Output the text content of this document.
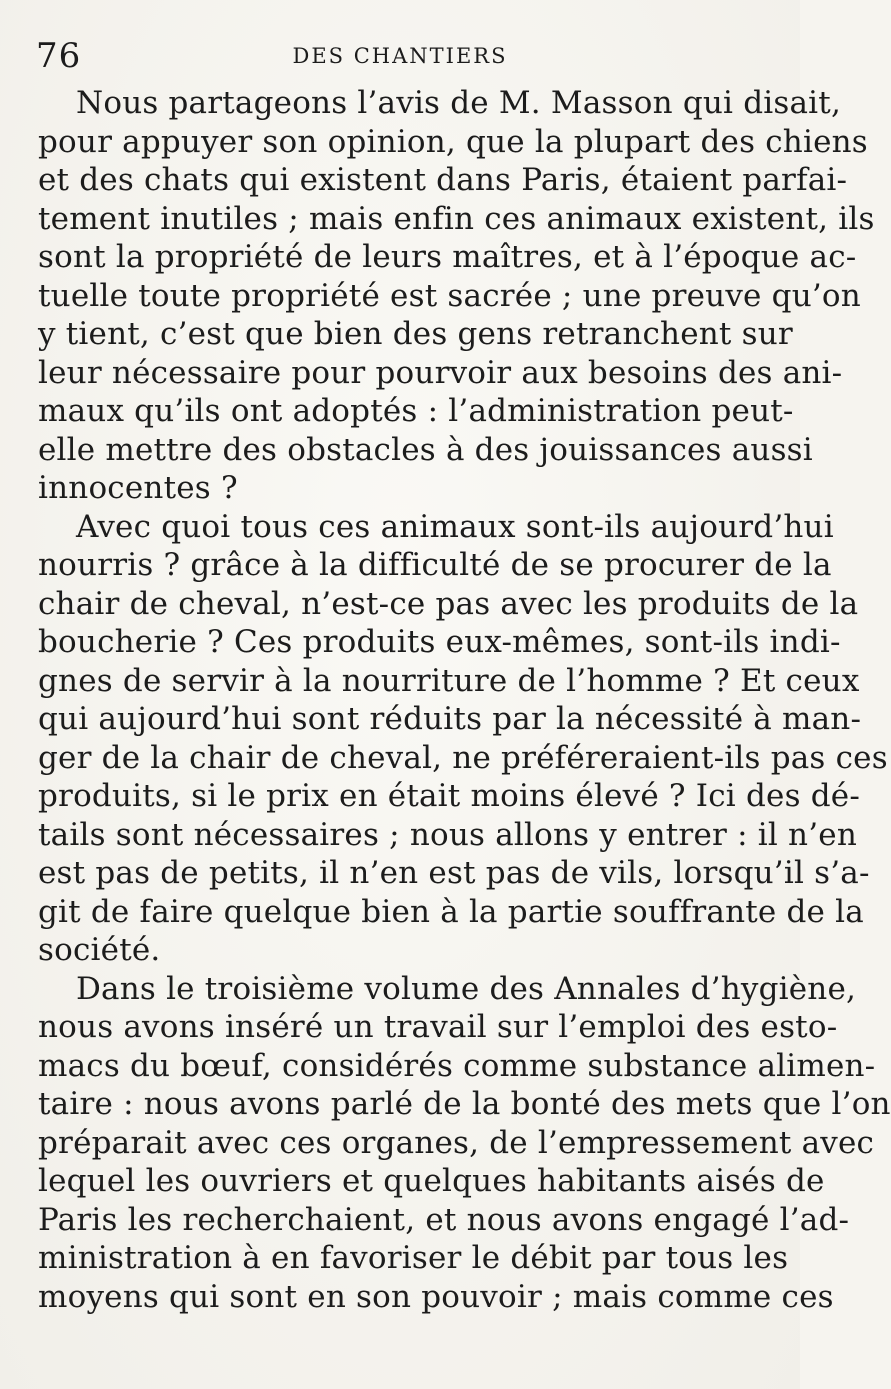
76	DES CHANTIERS
Nous partageons l’avis de M. Masson qui disait,
pour appuyer son opinion, que la plupart des chiens
et des chats qui existent dans Paris, étaient parfai-
tement inutiles ; mais enfin ces animaux existent, ils
sont la propriété de leurs maîtres, et à l’époque ac-
tuelle toute propriété est sacrée ; une preuve qu’on
y tient, c’est que bien des gens retranchent sur
leur nécessaire pour pourvoir aux besoins des ani-
maux qu’ils ont adoptés : l’administration peut-
elle mettre des obstacles à des jouissances aussi
innocentes ?
Avec quoi tous ces animaux sont-ils aujourd’hui
nourris ? grâce à la difficulté de se procurer de la
chair de cheval, n’est-ce pas avec les produits de la
boucherie ? Ces produits eux-mêmes, sont-ils indi-
gnes de servir à la nourriture de l’homme ? Et ceux
qui aujourd’hui sont réduits par la nécessité à man-
ger de la chair de cheval, ne préféreraient-ils pas ces
produits, si le prix en était moins élevé ? Ici des dé-
tails sont nécessaires ; nous allons y entrer : il n’en
est pas de petits, il n’en est pas de vils, lorsqu’il s’a-
git de faire quelque bien à la partie souffrante de la
société.
Dans le troisième volume des Annales d’hygiène,
nous avons inséré un travail sur l’emploi des esto-
macs du bœuf, considérés comme substance alimen-
taire : nous avons parlé de la bonté des mets que l’on
préparait avec ces organes, de l’empressement avec
lequel les ouvriers et quelques habitants aisés de
Paris les recherchaient, et nous avons engagé l’ad-
ministration à en favoriser le débit par tous les
moyens qui sont en son pouvoir ; mais comme ces
